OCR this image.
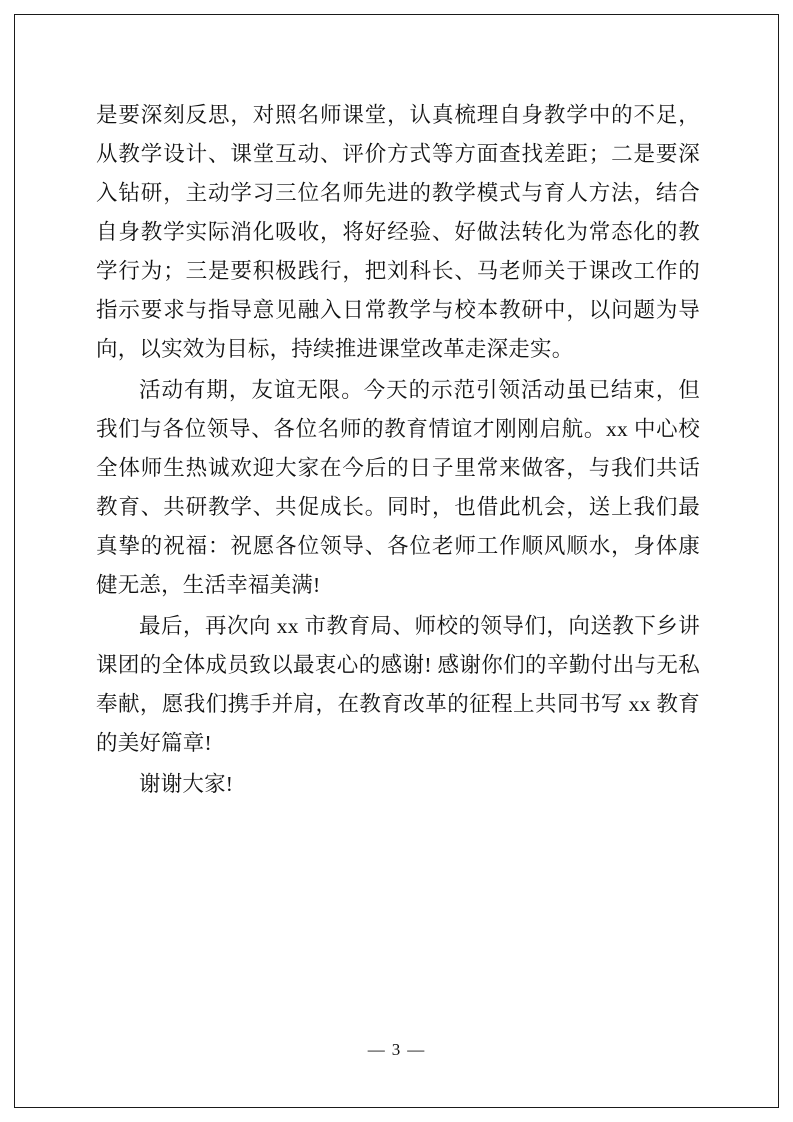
是要深刻反思，对照名师课堂，认真梳理自身教学中的不足，从教学设计、课堂互动、评价方式等方面查找差距；二是要深入钻研，主动学习三位名师先进的教学模式与育人方法，结合自身教学实际消化吸收，将好经验、好做法转化为常态化的教学行为；三是要积极践行，把刘科长、马老师关于课改工作的指示要求与指导意见融入日常教学与校本教研中，以问题为导向，以实效为目标，持续推进课堂改革走深走实。

活动有期，友谊无限。今天的示范引领活动虽已结束，但我们与各位领导、各位名师的教育情谊才刚刚启航。xx 中心校全体师生热诚欢迎大家在今后的日子里常来做客，与我们共话教育、共研教学、共促成长。同时，也借此机会，送上我们最真挚的祝福：祝愿各位领导、各位老师工作顺风顺水，身体康健无恙，生活幸福美满!

最后，再次向 xx 市教育局、师校的领导们，向送教下乡讲课团的全体成员致以最衷心的感谢! 感谢你们的辛勤付出与无私奉献，愿我们携手并肩，在教育改革的征程上共同书写 xx 教育的美好篇章!

谢谢大家!

— 3 —
